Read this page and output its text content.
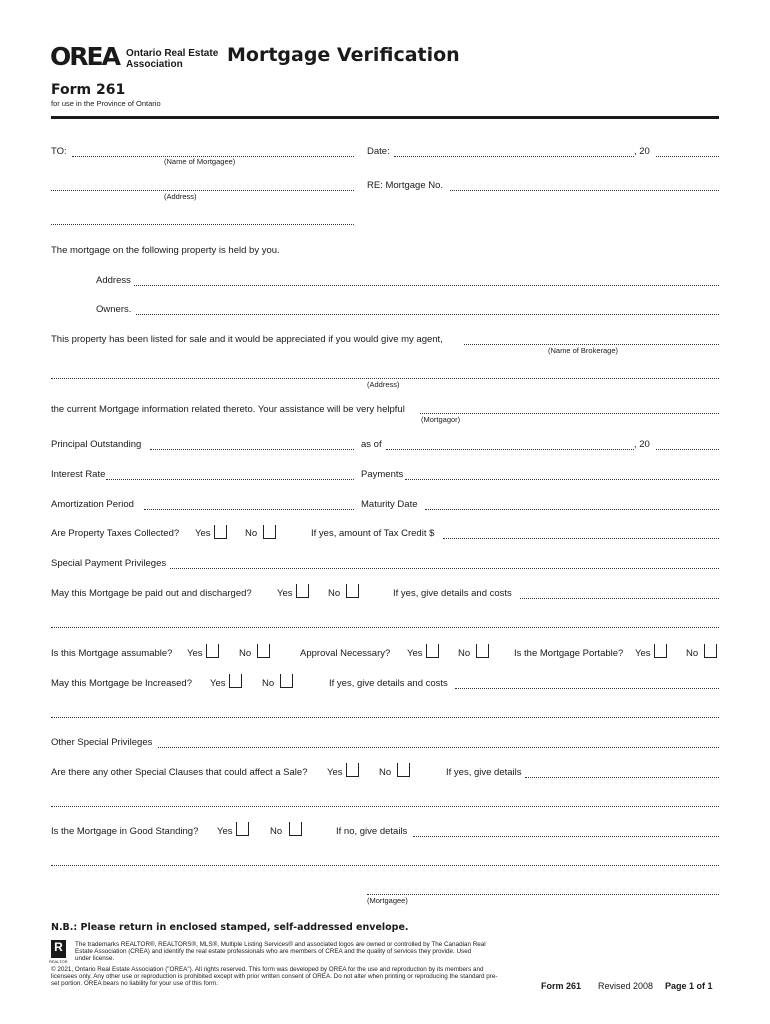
OREA Ontario Real Estate
Association Mortgage Verification
Form 261
for use in the Province of Ontario
TO:
(Name of Mortgagee)
Date:	, 20
(Address)
RE: Mortgage No.
The mortgage on the following property is held by you.
Address
Owners.
This property has been listed for sale and it would be appreciated if you would give my agent,
(Name of Brokerage)
(Address)
the current Mortgage information related thereto. Your assistance will be very helpful
(Mortgagor)
Principal Outstanding	as of	, 20
Interest Rate	Payments
Amortization Period	Maturity Date
Are Property Taxes Collected? Yes	No	If yes, amount of Tax Credit $
Special Payment Privileges
May this Mortgage be paid out and discharged?	Yes	No	If yes, give details and costs
Is this Mortgage assumable? Yes	No	Approval Necessary? Yes	No	Is the Mortgage Portable? Yes	No
May this Mortgage be Increased? Yes	No	If yes, give details and costs
Other Special Privileges
Are there any other Special Clauses that could affect a Sale? Yes	No	If yes, give details
Is the Mortgage in Good Standing? Yes	No	If no, give details
(Mortgagee)
N.B.: Please return in enclosed stamped, self-addressed envelope.
R
REALTOR
The trademarks REALTOR®, REALTORS®, MLS®, Multiple Listing Services® and associated logos are owned or controlled by The Canadian Real Estate Association (CREA) and identify the real estate professionals who are members of CREA and the quality of services they provide. Used under license.
© 2021, Ontario Real Estate Association ("OREA"). All rights reserved. This form was developed by OREA for the use and reproduction by its members and licensees only. Any other use or reproduction is prohibited except with prior written consent of OREA. Do not alter when printing or reproducing the standard pre-set portion. OREA bears no liability for your use of this form.	Form 261 Revised 2008 Page 1 of 1
